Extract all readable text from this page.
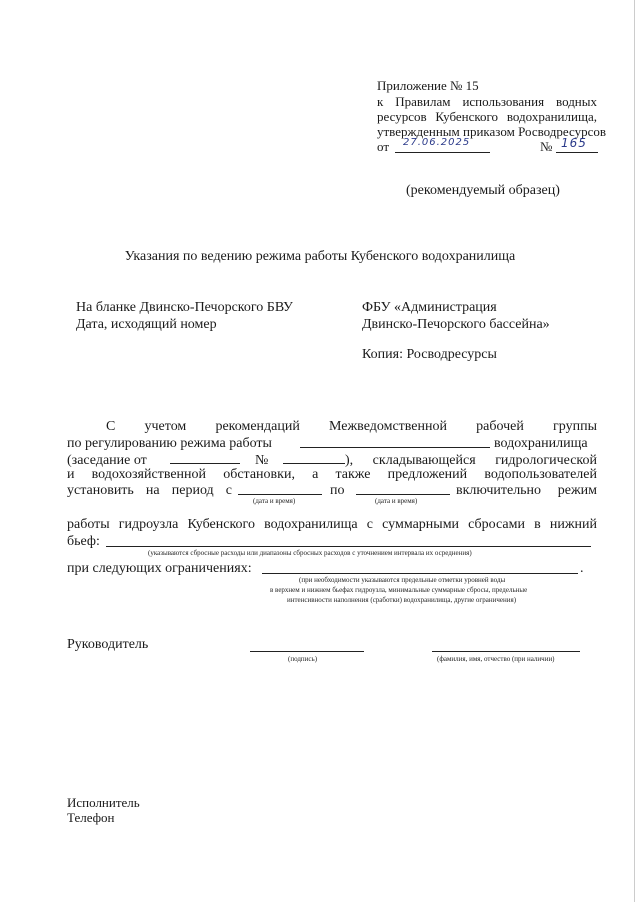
Приложение № 15
к Правилам использования водных
ресурсов Кубенского водохранилища,
утвержденным приказом Росводресурсов
от 27.06.2025	№ 165
(рекомендуемый образец)
Указания по ведению режима работы Кубенского водохранилища
На бланке Двинско-Печорского БВУ
Дата, исходящий номер
ФБУ «Администрация
Двинско-Печорского бассейна»
Копия: Росводресурсы
С учетом рекомендаций Межведомственной рабочей группы
по регулированию режима работы	водохранилища
(заседание от	№	), складывающейся гидрологической
и водохозяйственной обстановки, а также предложений водопользователей
установить на период с
(дата и время)
по
(дата и время)
включительно режим
работы гидроузла Кубенского водохранилища с суммарными сбросами в нижний
бьеф:
(указываются сбросные расходы или диапазоны сбросных расходов с уточнением интервала их осреднения)
при следующих ограничениях:	.
(при необходимости указываются предельные отметки уровней воды
в верхнем и нижнем бьефах гидроузла, минимальные суммарные сбросы, предельные
интенсивности наполнения (сработки) водохранилища, другие ограничения)
Руководитель
(подпись)	(фамилия, имя, отчество (при наличии)
Исполнитель
Телефон
